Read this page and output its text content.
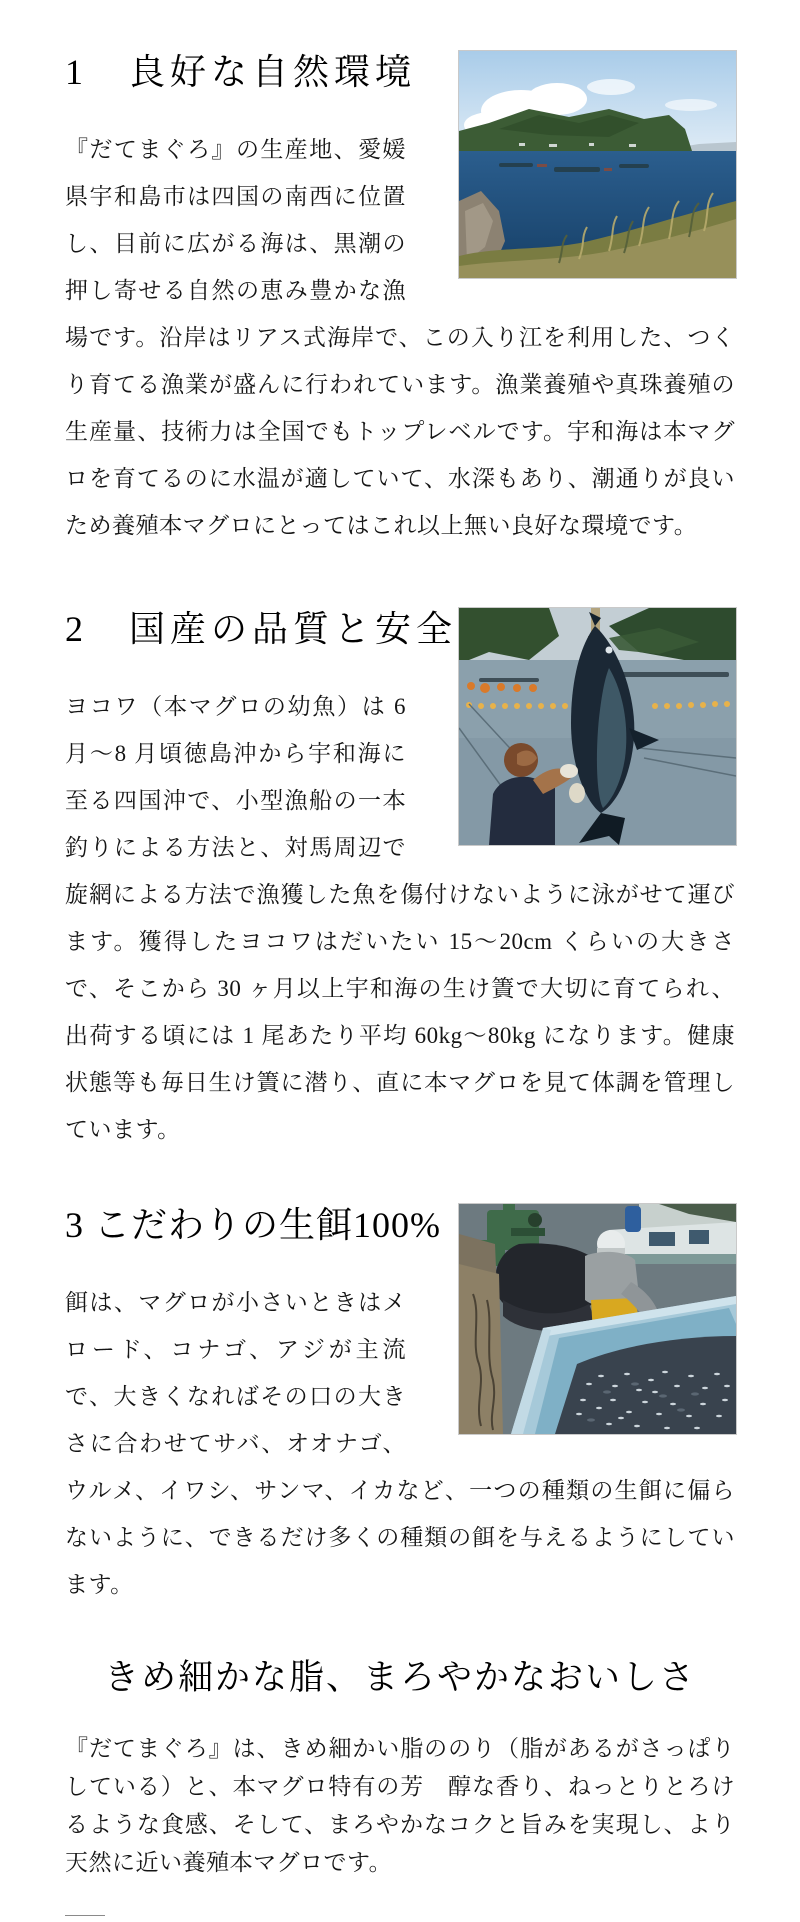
1　良好な自然環境

『だてまぐろ』の生産地、愛媛県宇和島市は四国の南西に位置し、目前に広がる海は、黒潮の押し寄せる自然の恵み豊かな漁場です。沿岸はリアス式海岸で、この入り江を利用した、つくり育てる漁業が盛んに行われています。漁業養殖や真珠養殖の生産量、技術力は全国でもトップレベルです。宇和海は本マグロを育てるのに水温が適していて、水深もあり、潮通りが良いため養殖本マグロにとってはこれ以上無い良好な環境です。

2　国産の品質と安全

ヨコワ（本マグロの幼魚）は 6 月～8 月頃徳島沖から宇和海に至る四国沖で、小型漁船の一本釣りによる方法と、対馬周辺で旋網による方法で漁獲した魚を傷付けないように泳がせて運びます。獲得したヨコワはだいたい 15～20cm くらいの大きさで、そこから 30 ヶ月以上宇和海の生け簀で大切に育てられ、出荷する頃には 1 尾あたり平均 60kg～80kg になります。健康状態等も毎日生け簀に潜り、直に本マグロを見て体調を管理しています。

3 こだわりの生餌100%

餌は、マグロが小さいときはメロード、コナゴ、アジが主流で、大きくなればその口の大きさに合わせてサバ、オオナゴ、ウルメ、イワシ、サンマ、イカなど、一つの種類の生餌に偏らないように、できるだけ多くの種類の餌を与えるようにしています。

きめ細かな脂、まろやかなおいしさ

『だてまぐろ』は、きめ細かい脂ののり（脂があるがさっぱりしている）と、本マグロ特有の芳　醇な香り、ねっとりとろけるような食感、そして、まろやかなコクと旨みを実現し、より天然に近い養殖本マグロです。
